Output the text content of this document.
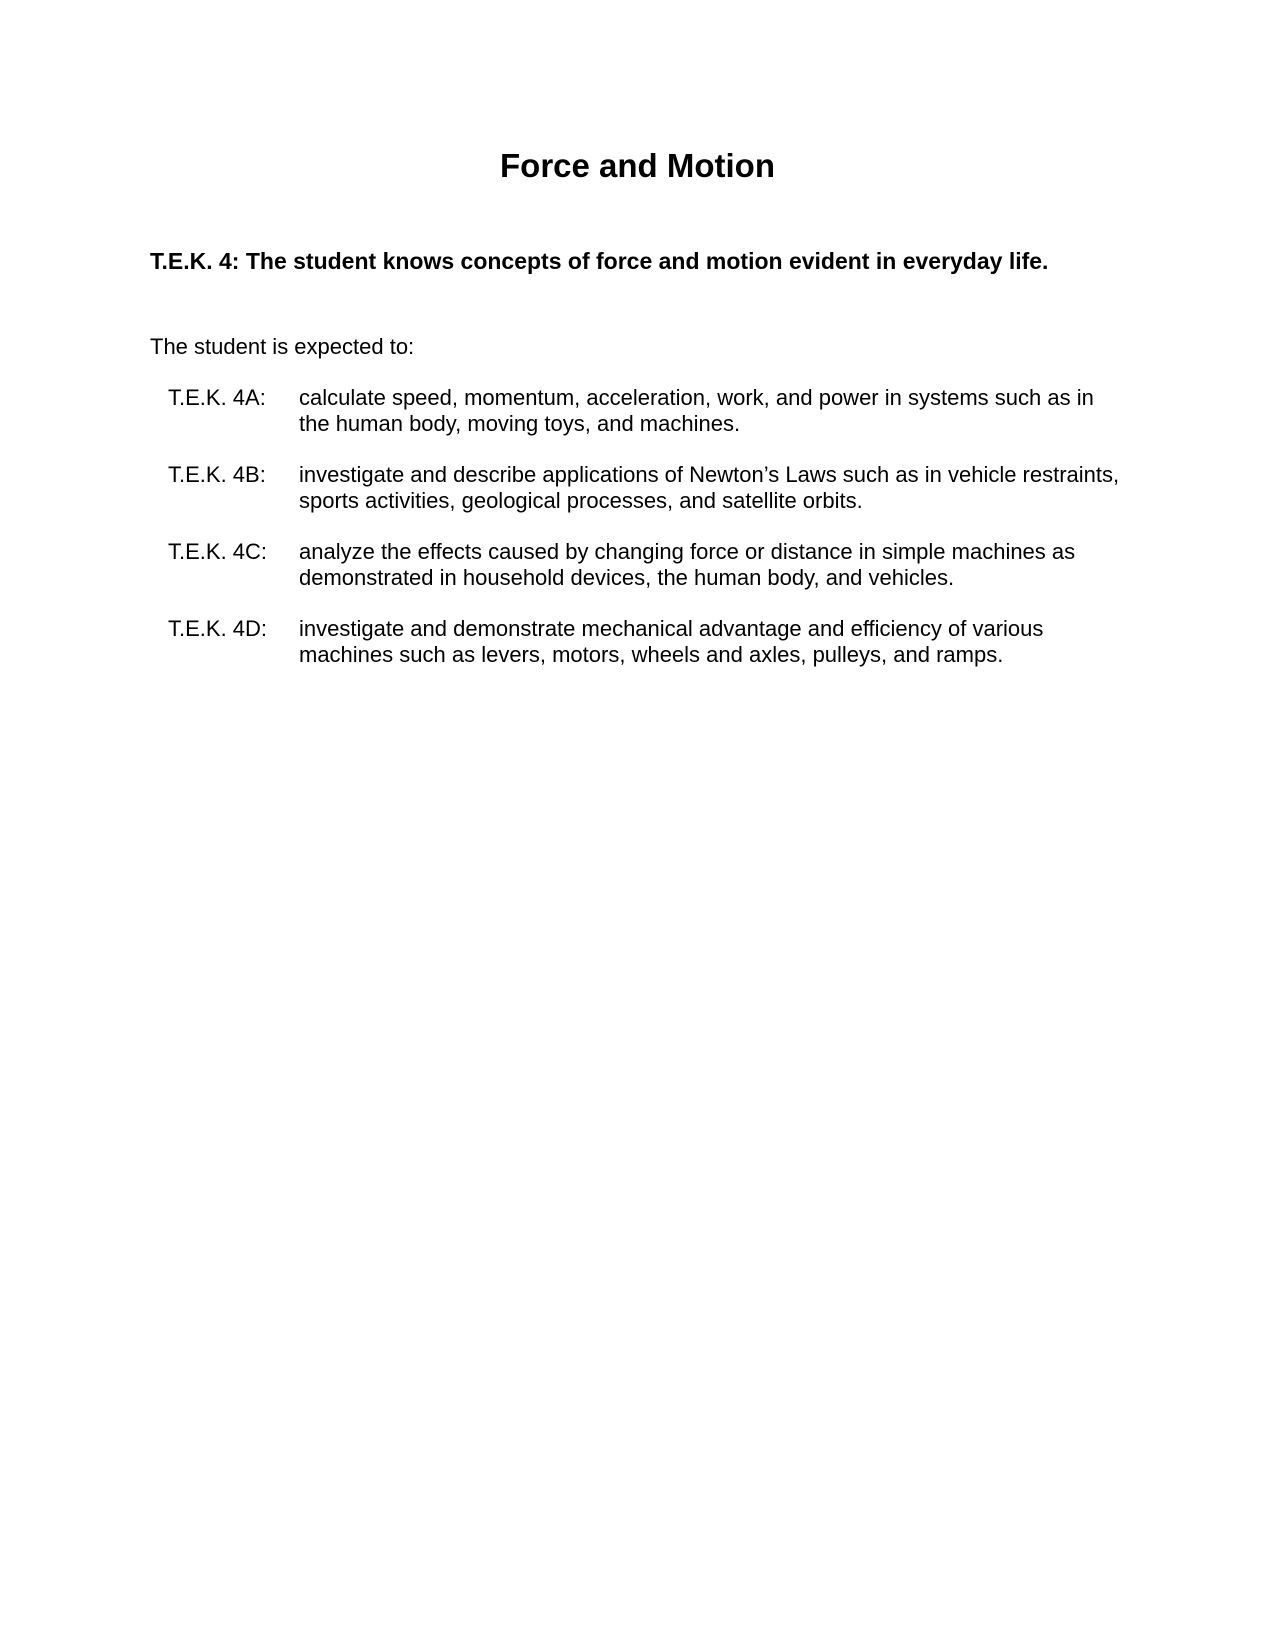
Force and Motion
T.E.K. 4: The student knows concepts of force and motion evident in everyday life.

The student is expected to:

T.E.K. 4A:	calculate speed, momentum, acceleration, work, and power in systems such as in the human body, moving toys, and machines.
T.E.K. 4B:	investigate and describe applications of Newton’s Laws such as in vehicle restraints, sports activities, geological processes, and satellite orbits.
T.E.K. 4C:	analyze the effects caused by changing force or distance in simple machines as demonstrated in household devices, the human body, and vehicles.
T.E.K. 4D:	investigate and demonstrate mechanical advantage and efficiency of various machines such as levers, motors, wheels and axles, pulleys, and ramps.
